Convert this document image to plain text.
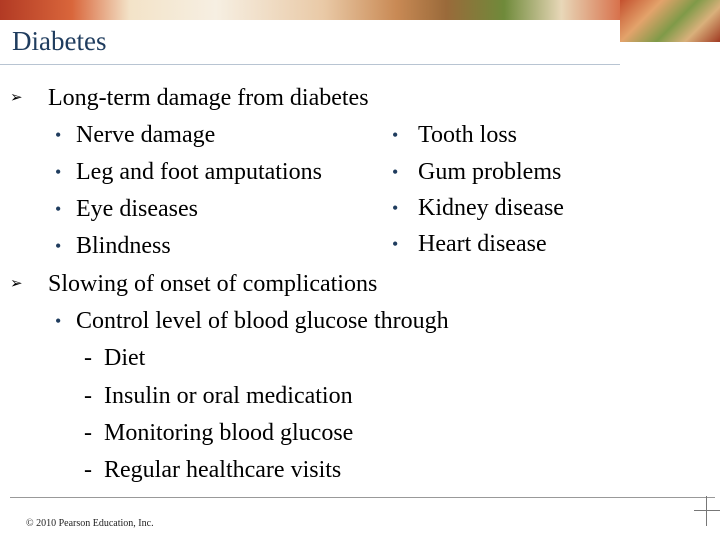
Diabetes
➢ Long-term damage from diabetes
• Nerve damage
• Leg and foot amputations
• Eye diseases
• Blindness
• Tooth loss
• Gum problems
• Kidney disease
• Heart disease
➢ Slowing of onset of complications
• Control level of blood glucose through
- Diet
- Insulin or oral medication
- Monitoring blood glucose
- Regular healthcare visits
© 2010 Pearson Education, Inc.
